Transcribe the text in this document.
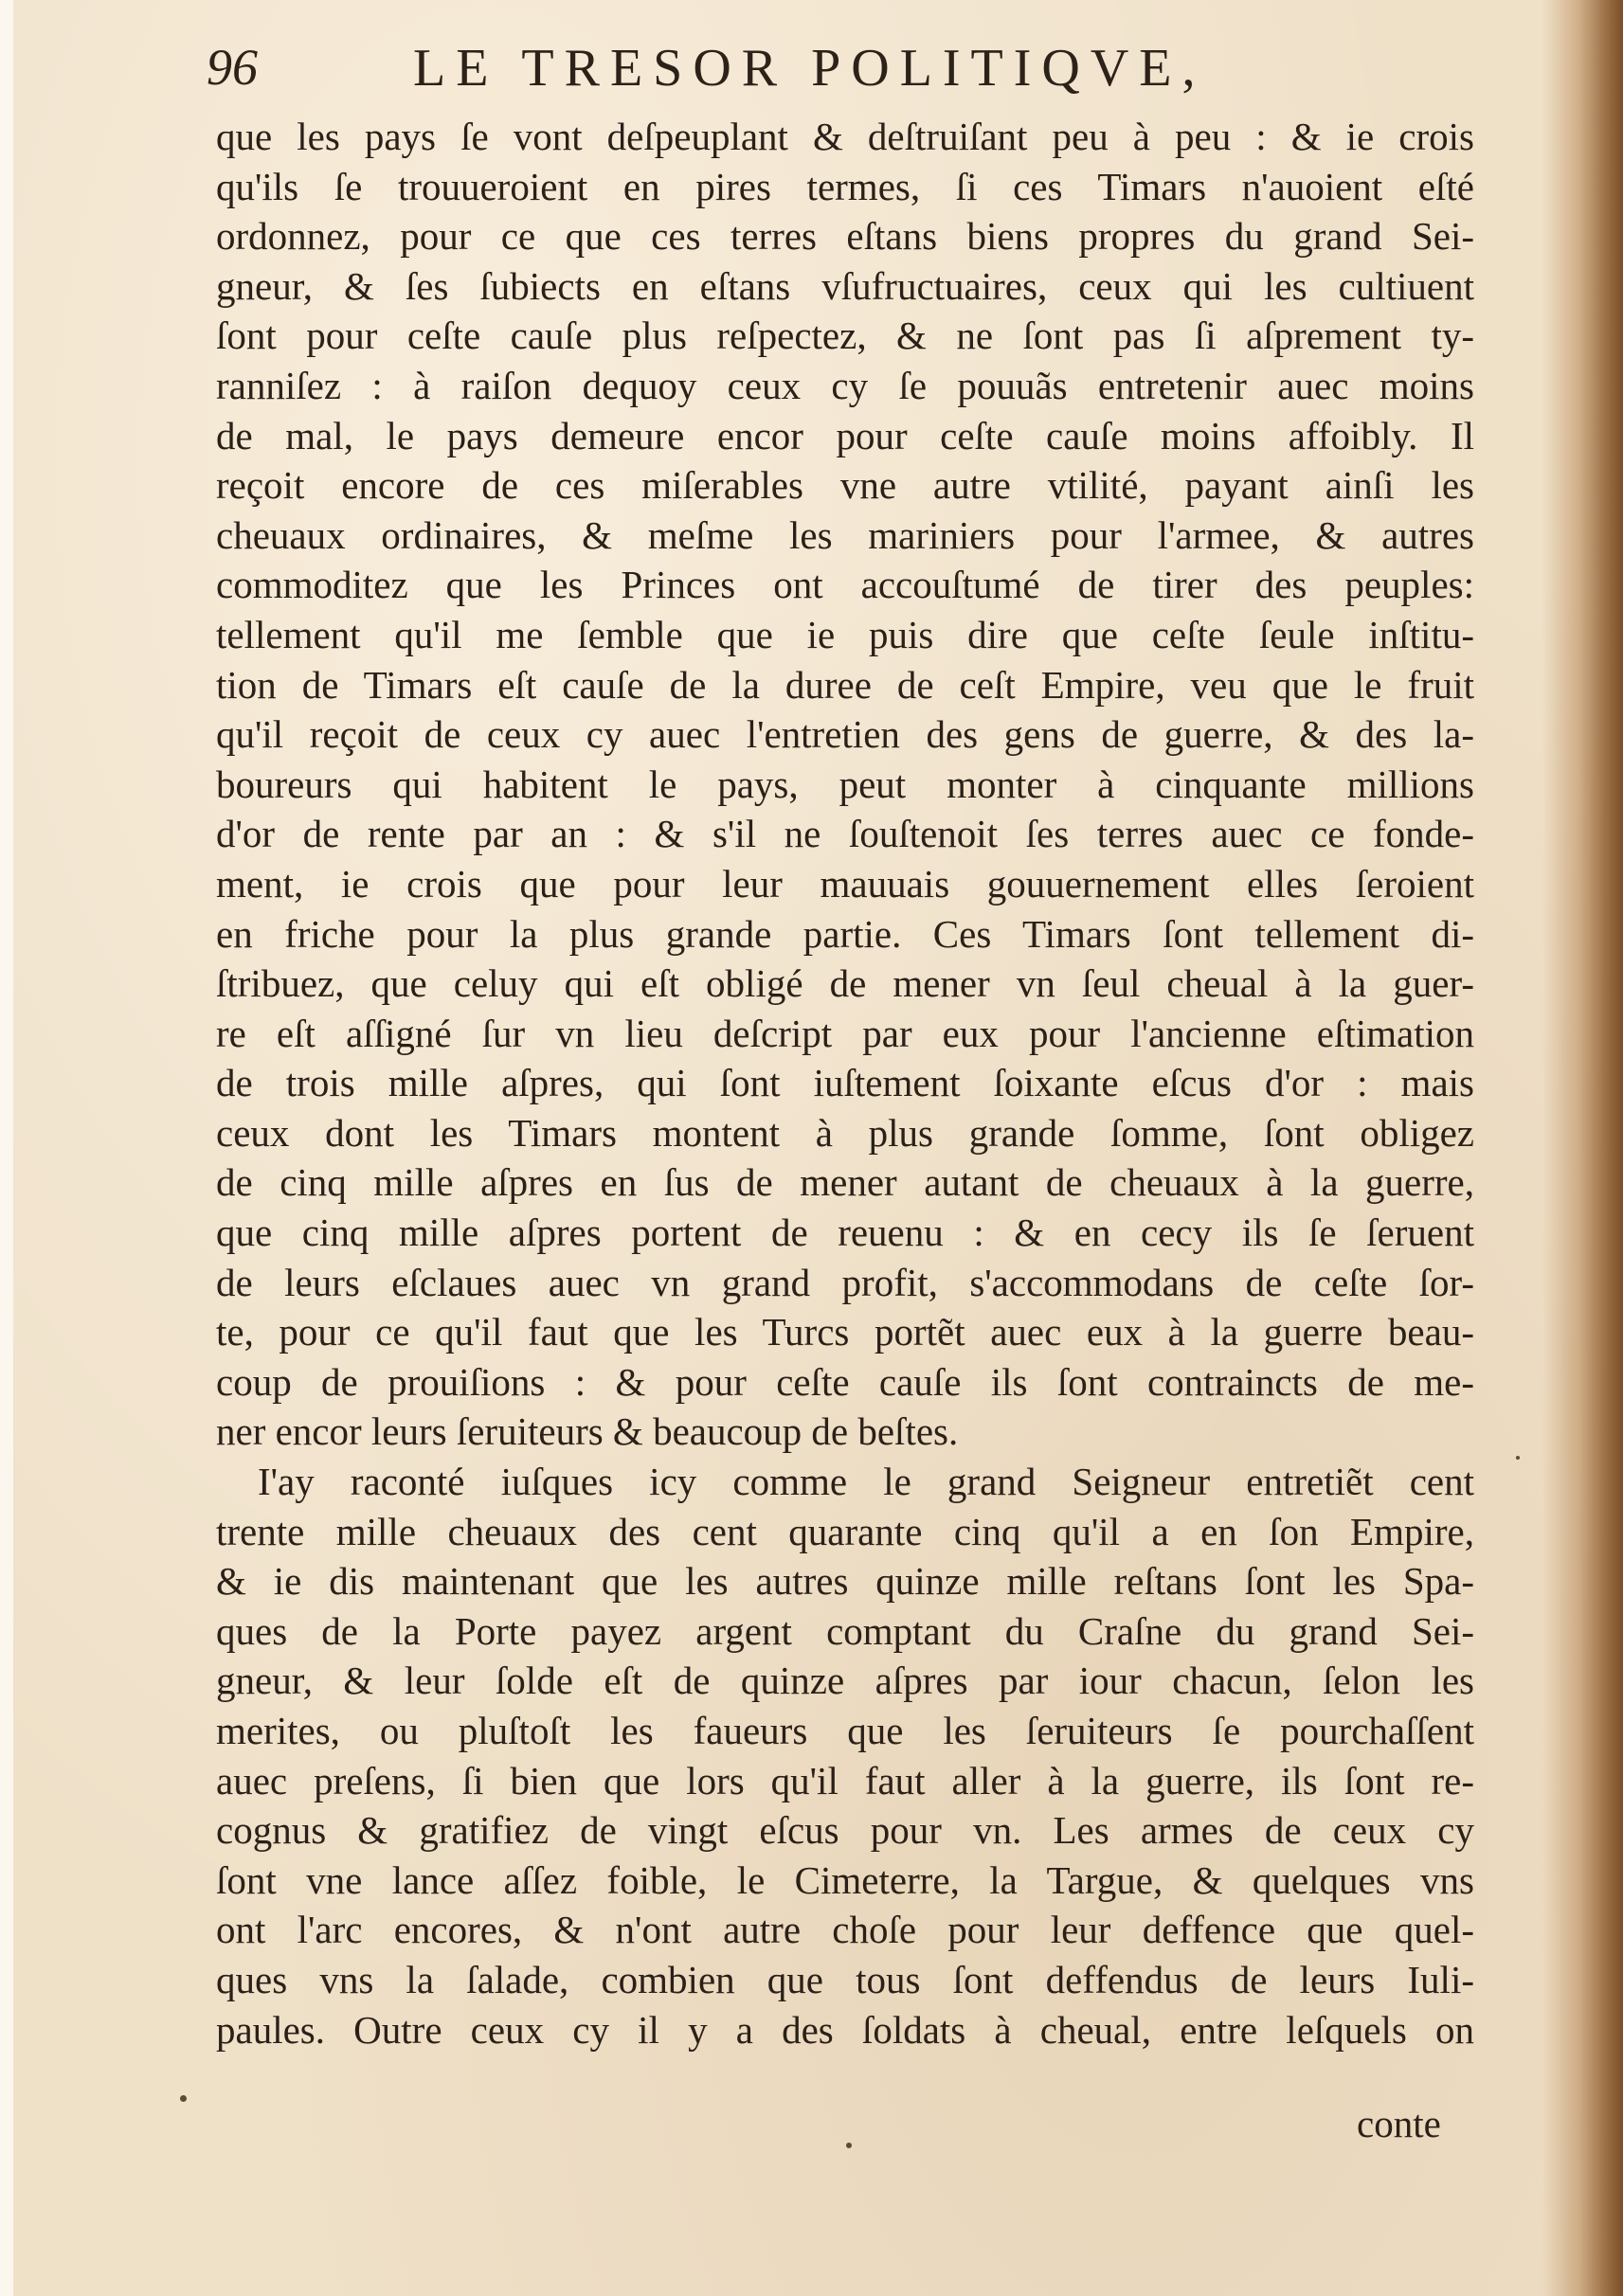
96	LE TRESOR POLITIQVE,
que les pays ſe vont deſpeuplant & deſtruiſant peu à peu : & ie crois
qu'ils ſe trouueroient en pires termes, ſi ces Timars n'auoient eſté
ordonnez, pour ce que ces terres eſtans biens propres du grand Sei-
gneur, & ſes ſubiects en eſtans vſufructuaires, ceux qui les cultiuent
ſont pour ceſte cauſe plus reſpectez, & ne ſont pas ſi aſprement ty-
ranniſez : à raiſon dequoy ceux cy ſe pouuãs entretenir auec moins
de mal, le pays demeure encor pour ceſte cauſe moins affoibly. Il
reçoit encore de ces miſerables vne autre vtilité, payant ainſi les
cheuaux ordinaires, & meſme les mariniers pour l'armee, & autres
commoditez que les Princes ont accouſtumé de tirer des peuples:
tellement qu'il me ſemble que ie puis dire que ceſte ſeule inſtitu-
tion de Timars eſt cauſe de la duree de ceſt Empire, veu que le fruit
qu'il reçoit de ceux cy auec l'entretien des gens de guerre, & des la-
boureurs qui habitent le pays, peut monter à cinquante millions
d'or de rente par an : & s'il ne ſouſtenoit ſes terres auec ce fonde-
ment, ie crois que pour leur mauuais gouuernement elles ſeroient
en friche pour la plus grande partie. Ces Timars ſont tellement di-
ſtribuez, que celuy qui eſt obligé de mener vn ſeul cheual à la guer-
re eſt aſſigné ſur vn lieu deſcript par eux pour l'ancienne eſtimation
de trois mille aſpres, qui ſont iuſtement ſoixante eſcus d'or : mais
ceux dont les Timars montent à plus grande ſomme, ſont obligez
de cinq mille aſpres en ſus de mener autant de cheuaux à la guerre,
que cinq mille aſpres portent de reuenu : & en cecy ils ſe ſeruent
de leurs eſclaues auec vn grand profit, s'accommodans de ceſte ſor-
te, pour ce qu'il faut que les Turcs portẽt auec eux à la guerre beau-
coup de prouiſions : & pour ceſte cauſe ils ſont contraincts de me-
ner encor leurs ſeruiteurs & beaucoup de beſtes.
I'ay raconté iuſques icy comme le grand Seigneur entretiẽt cent
trente mille cheuaux des cent quarante cinq qu'il a en ſon Empire,
& ie dis maintenant que les autres quinze mille reſtans ſont les Spa-
ques de la Porte payez argent comptant du Craſne du grand Sei-
gneur, & leur ſolde eſt de quinze aſpres par iour chacun, ſelon les
merites, ou pluſtoſt les faueurs que les ſeruiteurs ſe pourchaſſent
auec preſens, ſi bien que lors qu'il faut aller à la guerre, ils ſont re-
cognus & gratifiez de vingt eſcus pour vn. Les armes de ceux cy
ſont vne lance aſſez foible, le Cimeterre, la Targue, & quelques vns
ont l'arc encores, & n'ont autre choſe pour leur deffence que quel-
ques vns la ſalade, combien que tous ſont deffendus de leurs Iuli-
paules. Outre ceux cy il y a des ſoldats à cheual, entre leſquels on
conte
